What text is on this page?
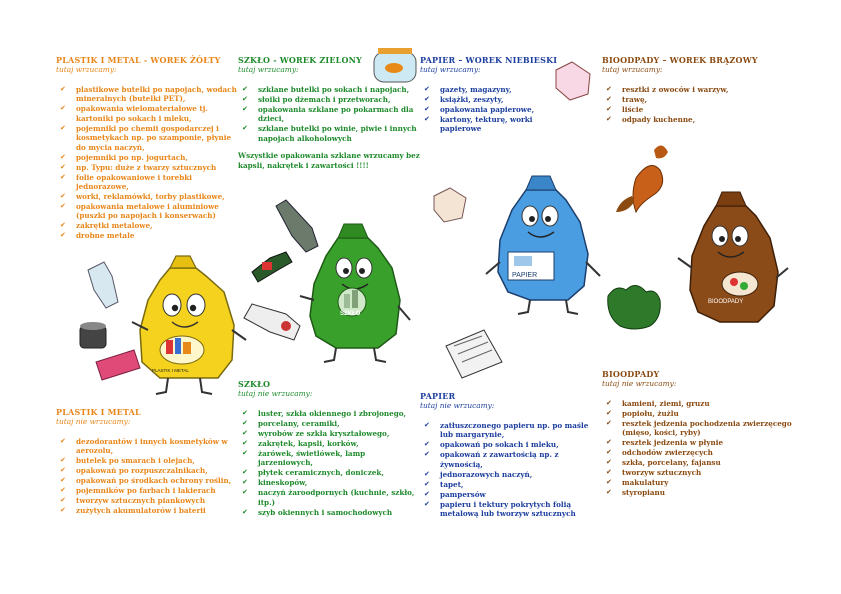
PAPIER
BIOODPADY
PLASTIK I METAL - WOREK ŻÓŁTY
tutaj wrzucamy:
✔ plastikowe butelki po napojach, wodach mineralnych (butelki PET),
✔ opakowania wielomateriałowe tj. kartoniki po sokach i mleku,
✔ pojemniki po chemii gospodarczej i kosmetykach np. po szamponie, płynie do mycia naczyń,
✔ pojemniki po np. jogurtach,
✔ np. Typu: duże z twarzy sztucznych
✔ folie opakowaniowe i torebki jednorazowe,
✔ worki, reklamówki, torby plastikowe,
✔ opakowania metalowe i aluminiowe (puszki po napojach i konserwach)
✔ zakrętki metalowe,
✔ drobne metale
PLASTIK I METAL
SZKŁO - WOREK ZIELONY
tutaj wrzucamy:
✔ szklane butelki po sokach i napojach,
✔ słoiki po dżemach i przetworach,
✔ opakowania szklane po pokarmach dla dzieci,
✔ szklane butelki po winie, piwie i innych napojach alkoholowych
Wszystkie opakowania szklane wrzucamy bez kapsli, nakrętek i zawartości !!!!
SZKŁO
PAPIER – WOREK NIEBIESKI
tutaj wrzucamy:
✔ gazety, magazyny,
✔ książki, zeszyty,
✔ opakowania papierowe,
✔ kartony, tekturę, worki papierowe
BIOODPADY – WOREK BRĄZOWY
tutaj wrzucamy:
✔ resztki z owoców i warzyw,
✔ trawę,
✔ liście
✔ odpady kuchenne,
PLASTIK I METAL
tutaj nie wrzucamy:
✔ dezodorantów i innych kosmetyków w aerozolu,
✔ butelek po smarach i olejach,
✔ opakowań po rozpuszczalnikach,
✔ opakowań po środkach ochrony roślin,
✔ pojemników po farbach i lakierach
✔ tworzyw sztucznych piankowych
✔ zużytych akumulatorów i baterii
SZKŁO
tutaj nie wrzucamy:
✔ luster, szkła okiennego i zbrojonego,
✔ porcelany, ceramiki,
✔ wyrobów ze szkła kryształowego,
✔ zakrętek, kapsli, korków,
✔ żarówek, świetlówek, lamp jarzeniowych,
✔ płytek ceramicznych, doniczek,
✔ kineskopów,
✔ naczyń żaroodpornych (kuchnie, szkło, itp.)
✔ szyb okiennych i samochodowych
PAPIER
tutaj nie wrzucamy:
✔ zatłuszczonego papieru np. po maśle lub margarynie,
✔ opakowań po sokach i mleku,
✔ opakowań z zawartością np. z żywnością,
✔ jednorazowych naczyń,
✔ tapet,
✔ pampersów
✔ papieru i tektury pokrytych folią metalową lub tworzyw sztucznych
BIOODPADY
tutaj nie wrzucamy:
✔ kamieni, ziemi, gruzu
✔ popiołu, żużlu
✔ resztek jedzenia pochodzenia zwierzęcego (mięso, kości, ryby)
✔ resztek jedzenia w płynie
✔ odchodów zwierzęcych
✔ szkła, porcelany, fajansu
✔ tworzyw sztucznych
✔ makulatury
✔ styropianu
